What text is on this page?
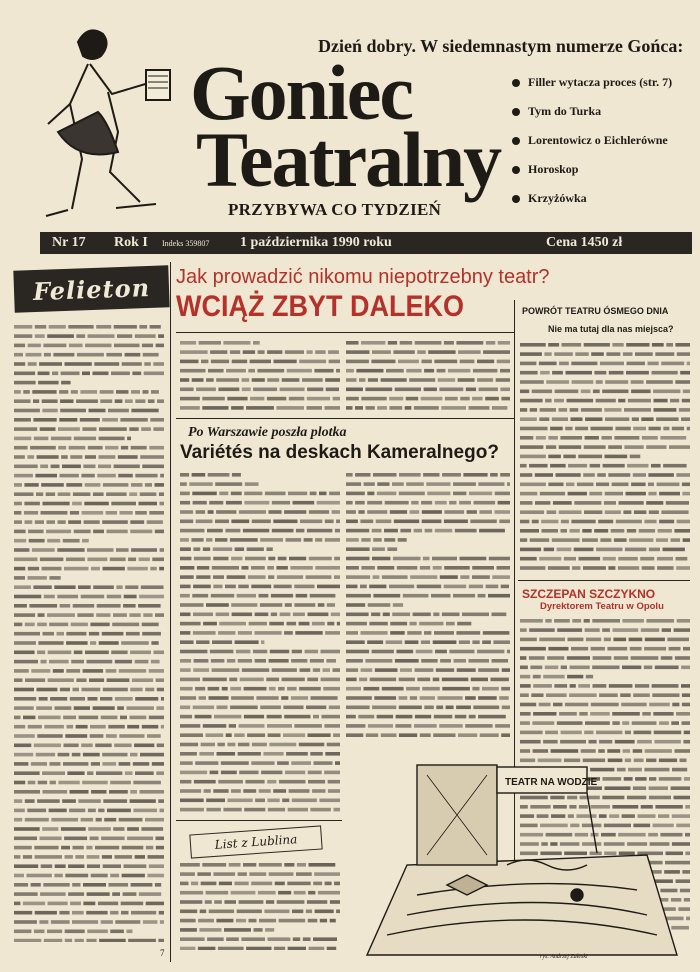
Goniec
Teatralny
PRZYBYWA CO TYDZIEŃ
Dzień dobry. W siedemnastym numerze Gońca:
Filler wytacza proces (str. 7)
Tym do Turka
Lorentowicz o Eichlerówne
Horoskop
Krzyżówka
Nr 17 Rok I Indeks 359807 1 października 1990 roku	Cena 1450 zł
Felieton	Jak prowadzić nikomu niepotrzebny teatr?
WCIĄŻ ZBYT DALEKO	POWRÓT TEATRU ÓSMEGO DNIA
Nie ma tutaj dla nas miejsca?
Po Warszawie poszła plotka
Variétés na deskach Kameralnego?
SZCZEPAN SZCZYKNO
Dyrektorem Teatru w Opolu
List z Lublina
TEATR NA WODZIE
rys. Andrzej Zaleski
7
